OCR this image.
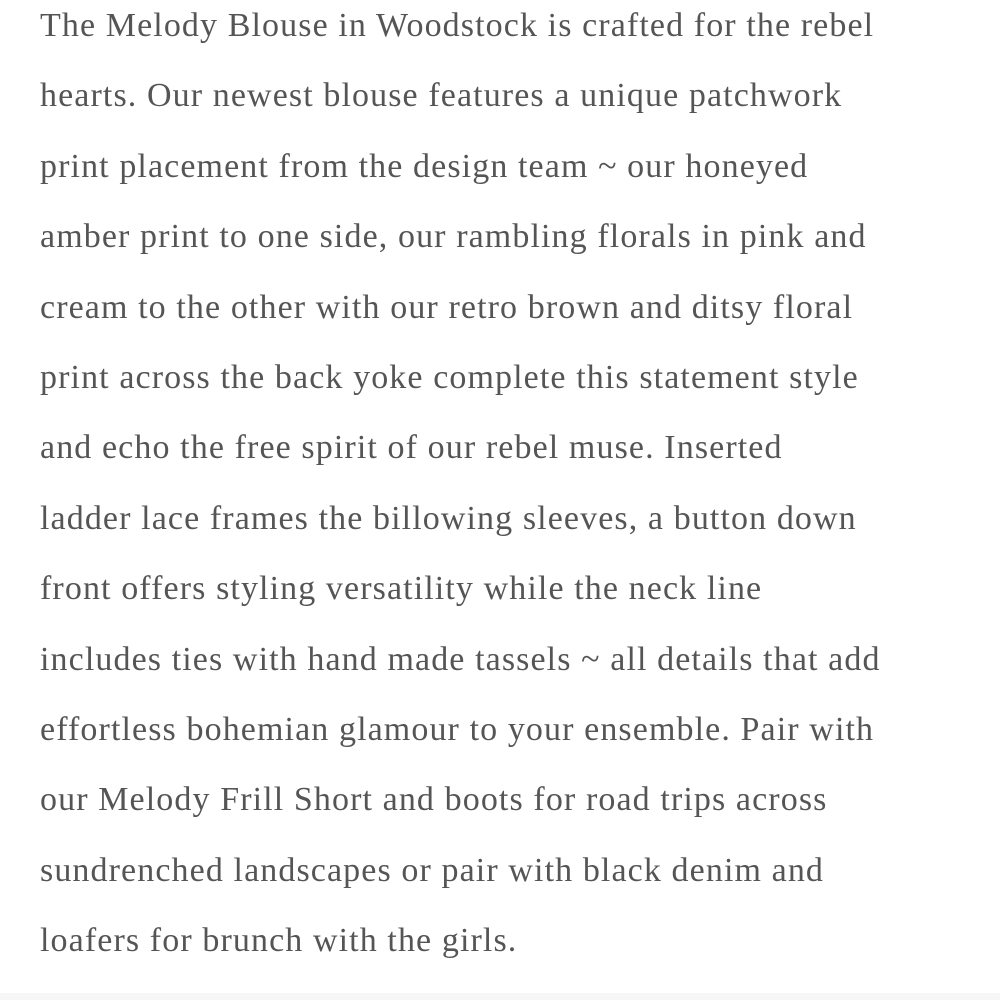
The Melody Blouse in Woodstock is crafted for the rebel
hearts. Our newest blouse features a unique patchwork
print placement from the design team ~ our honeyed
amber print to one side, our rambling florals in pink and
cream to the other with our retro brown and ditsy floral
print across the back yoke complete this statement style
and echo the free spirit of our rebel muse. Inserted
ladder lace frames the billowing sleeves, a button down
front offers styling versatility while the neck line
includes ties with hand made tassels ~ all details that add
effortless bohemian glamour to your ensemble. Pair with
our Melody Frill Short and boots for road trips across
sundrenched landscapes or pair with black denim and
loafers for brunch with the girls.
